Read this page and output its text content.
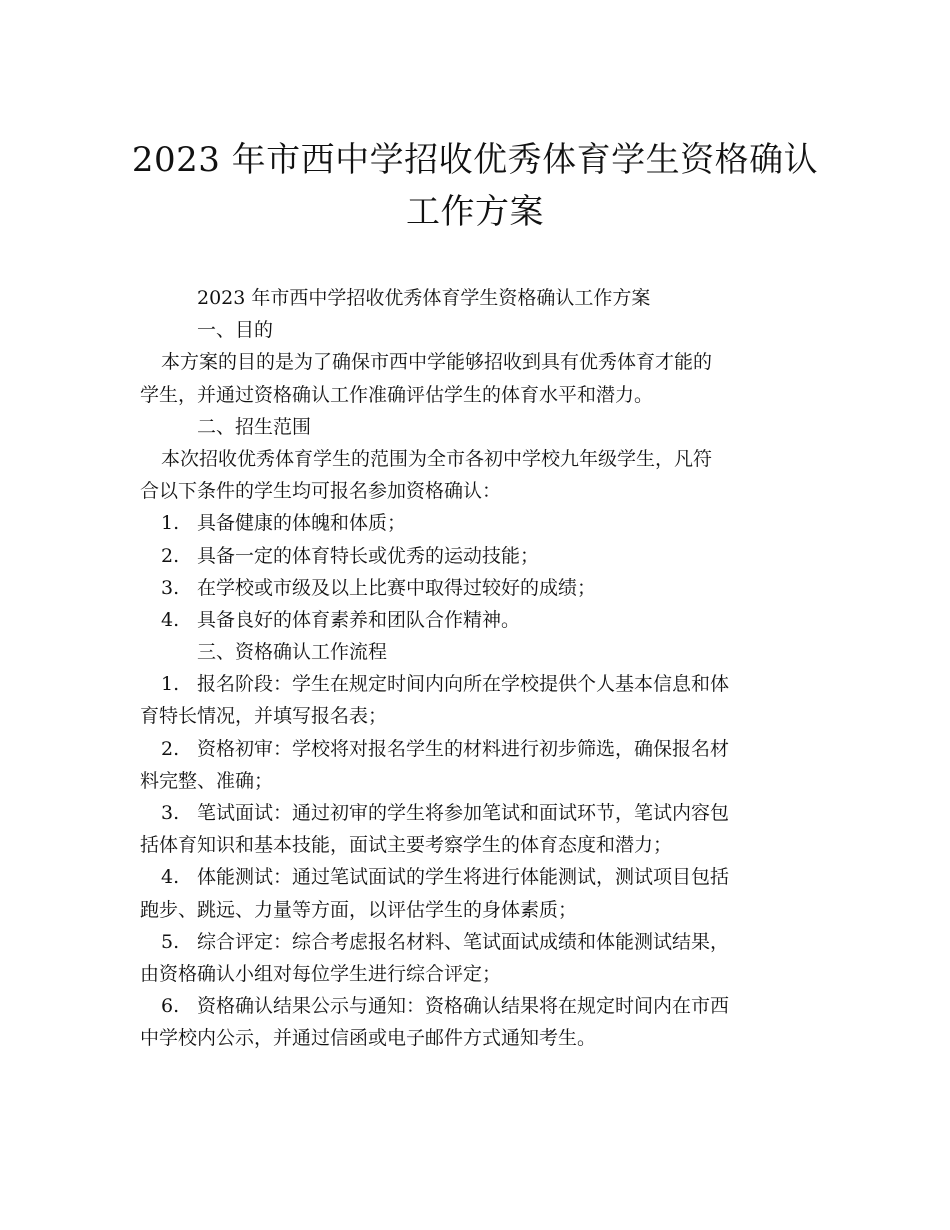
2023 年市西中学招收优秀体育学生资格确认
工作方案
2023 年市西中学招收优秀体育学生资格确认工作方案
一、目的
本方案的目的是为了确保市西中学能够招收到具有优秀体育才能的
学生，并通过资格确认工作准确评估学生的体育水平和潜力。
二、招生范围
本次招收优秀体育学生的范围为全市各初中学校九年级学生，凡符
合以下条件的学生均可报名参加资格确认：
1. 具备健康的体魄和体质；
2. 具备一定的体育特长或优秀的运动技能；
3. 在学校或市级及以上比赛中取得过较好的成绩；
4. 具备良好的体育素养和团队合作精神。
三、资格确认工作流程
1. 报名阶段：学生在规定时间内向所在学校提供个人基本信息和体
育特长情况，并填写报名表；
2. 资格初审：学校将对报名学生的材料进行初步筛选，确保报名材
料完整、准确；
3. 笔试面试：通过初审的学生将参加笔试和面试环节，笔试内容包
括体育知识和基本技能，面试主要考察学生的体育态度和潜力；
4. 体能测试：通过笔试面试的学生将进行体能测试，测试项目包括
跑步、跳远、力量等方面，以评估学生的身体素质；
5. 综合评定：综合考虑报名材料、笔试面试成绩和体能测试结果，
由资格确认小组对每位学生进行综合评定；
6. 资格确认结果公示与通知：资格确认结果将在规定时间内在市西
中学校内公示，并通过信函或电子邮件方式通知考生。
